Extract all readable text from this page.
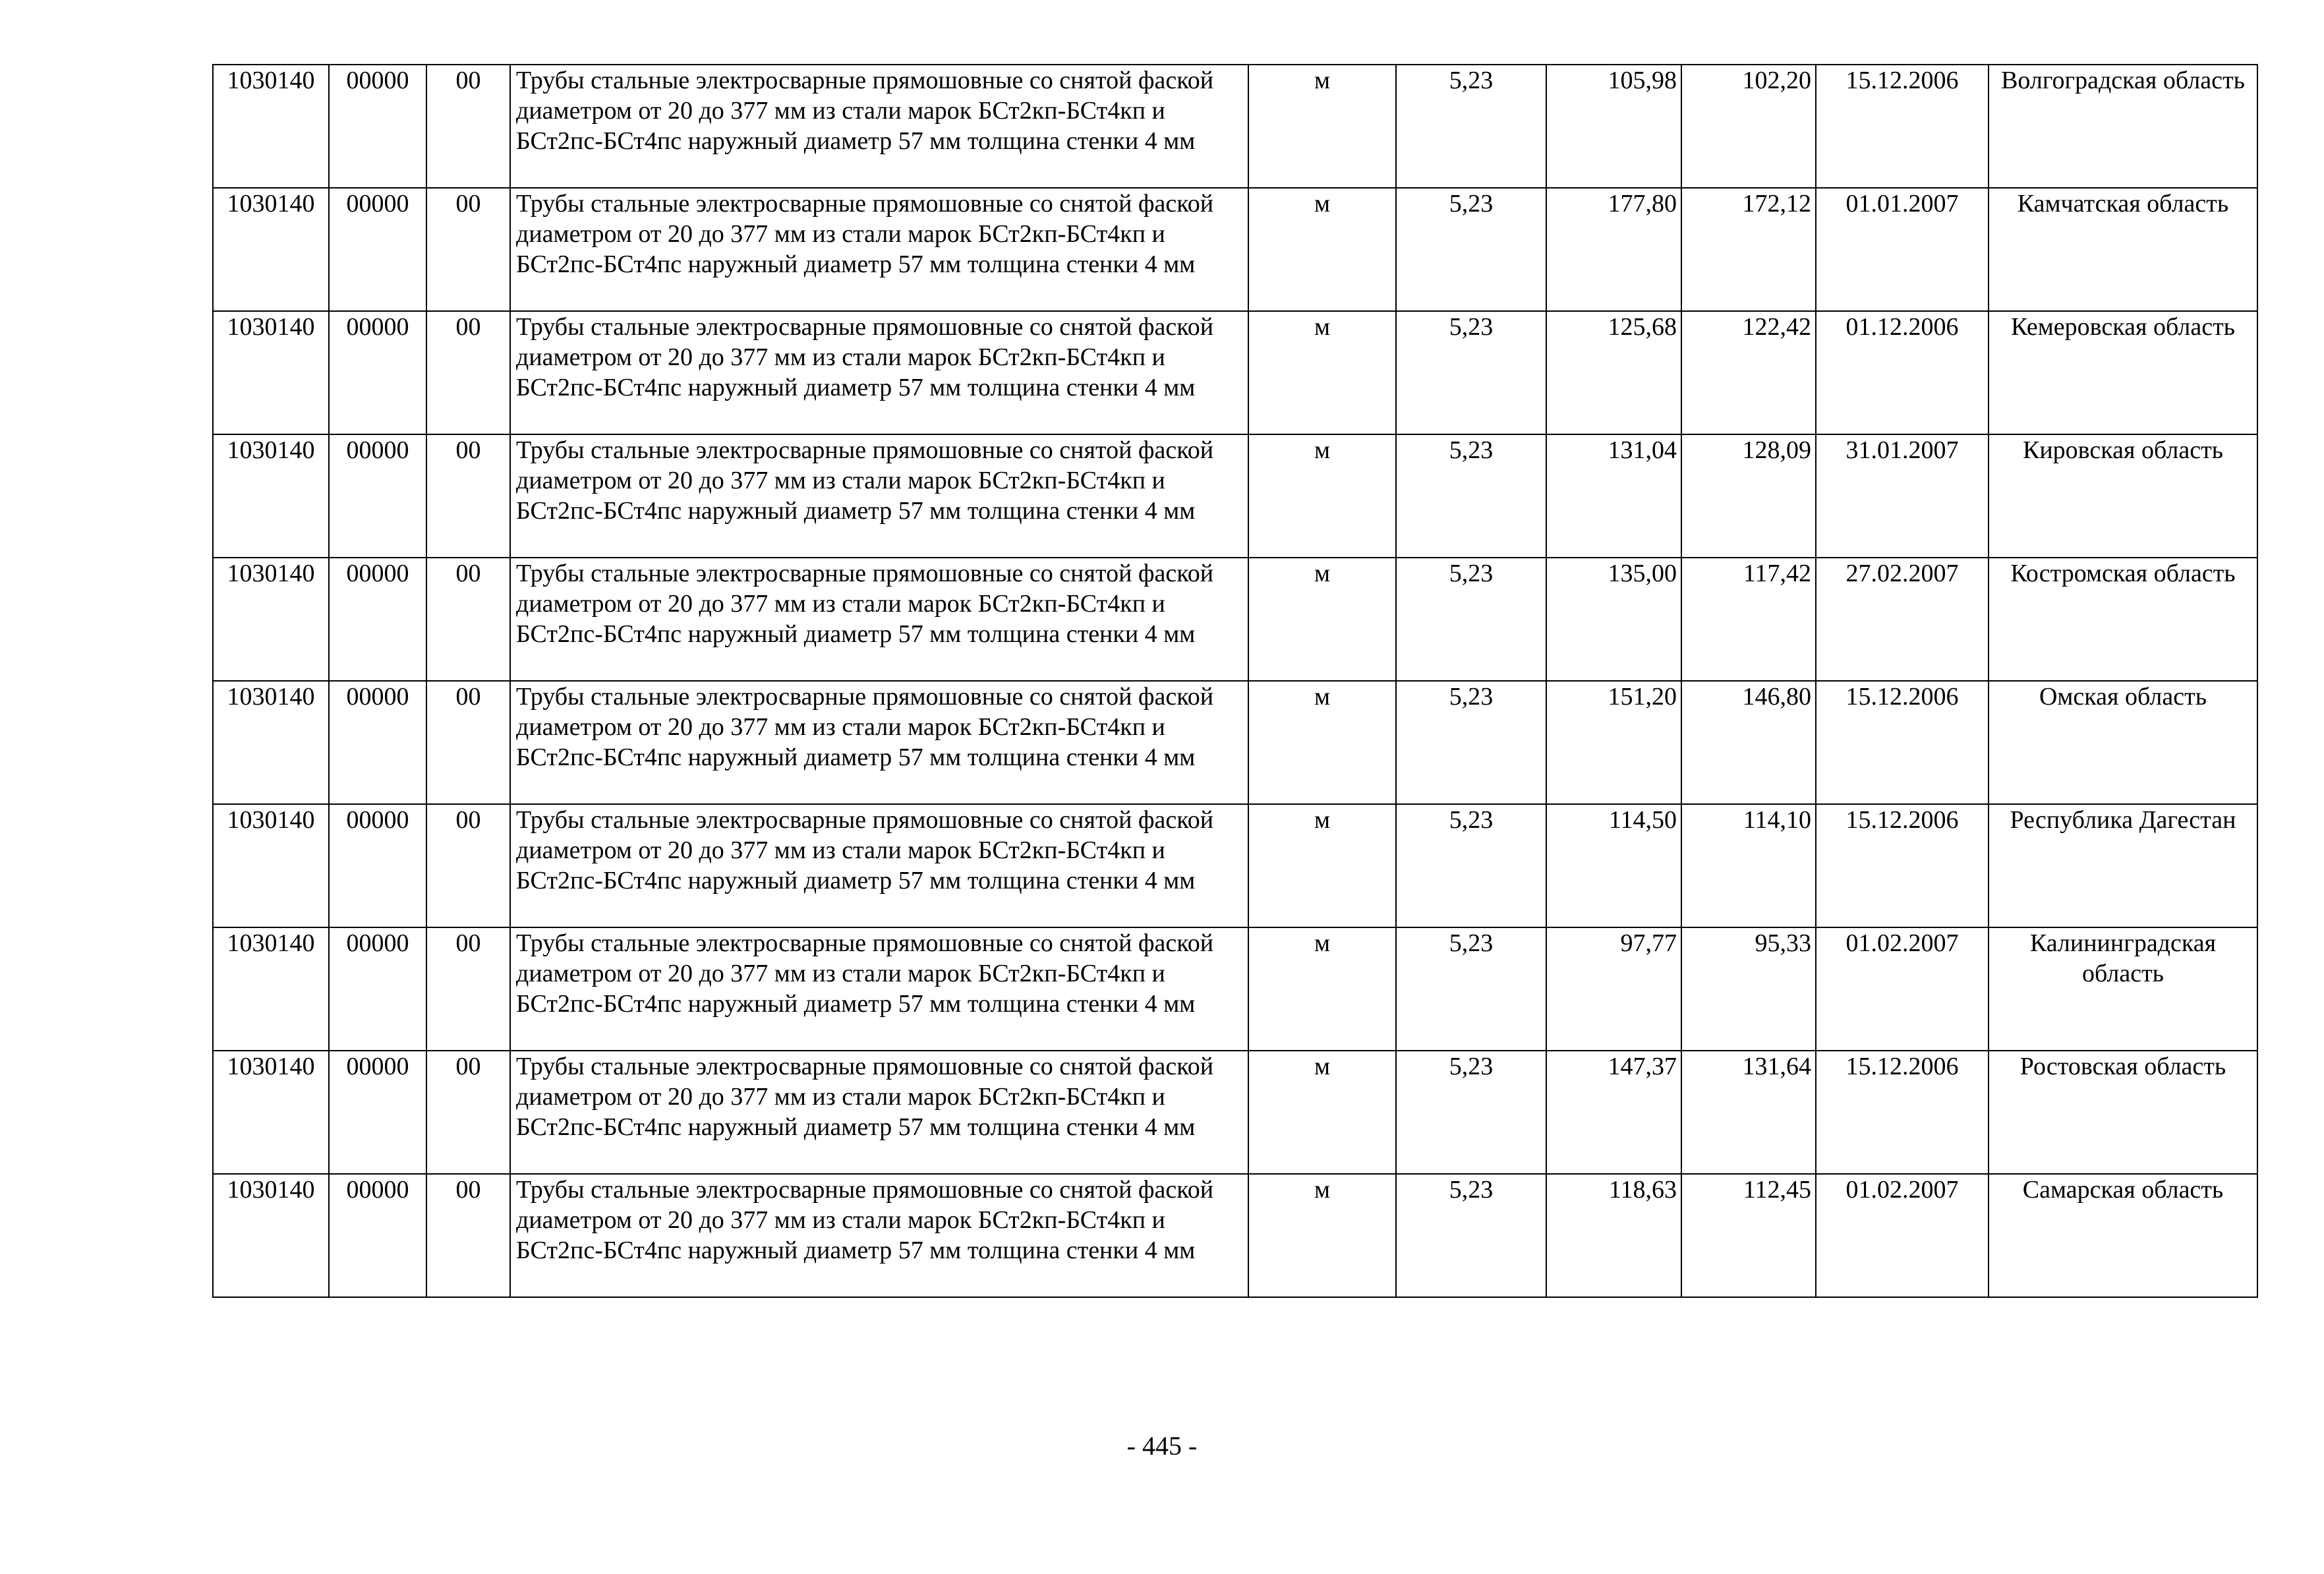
1030140	00000	00	Трубы стальные электросварные прямошовные со снятой фаской диаметром от 20 до 377 мм из стали марок БСт2кп-БСт4кп и БСт2пс-БСт4пс наружный диаметр 57 мм толщина стенки 4 мм	м	5,23	105,98	102,20	15.12.2006	Волгоградская область
1030140	00000	00	Трубы стальные электросварные прямошовные со снятой фаской диаметром от 20 до 377 мм из стали марок БСт2кп-БСт4кп и БСт2пс-БСт4пс наружный диаметр 57 мм толщина стенки 4 мм	м	5,23	177,80	172,12	01.01.2007	Камчатская область
1030140	00000	00	Трубы стальные электросварные прямошовные со снятой фаской диаметром от 20 до 377 мм из стали марок БСт2кп-БСт4кп и БСт2пс-БСт4пс наружный диаметр 57 мм толщина стенки 4 мм	м	5,23	125,68	122,42	01.12.2006	Кемеровская область
1030140	00000	00	Трубы стальные электросварные прямошовные со снятой фаской диаметром от 20 до 377 мм из стали марок БСт2кп-БСт4кп и БСт2пс-БСт4пс наружный диаметр 57 мм толщина стенки 4 мм	м	5,23	131,04	128,09	31.01.2007	Кировская область
1030140	00000	00	Трубы стальные электросварные прямошовные со снятой фаской диаметром от 20 до 377 мм из стали марок БСт2кп-БСт4кп и БСт2пс-БСт4пс наружный диаметр 57 мм толщина стенки 4 мм	м	5,23	135,00	117,42	27.02.2007	Костромская область
1030140	00000	00	Трубы стальные электросварные прямошовные со снятой фаской диаметром от 20 до 377 мм из стали марок БСт2кп-БСт4кп и БСт2пс-БСт4пс наружный диаметр 57 мм толщина стенки 4 мм	м	5,23	151,20	146,80	15.12.2006	Омская область
1030140	00000	00	Трубы стальные электросварные прямошовные со снятой фаской диаметром от 20 до 377 мм из стали марок БСт2кп-БСт4кп и БСт2пс-БСт4пс наружный диаметр 57 мм толщина стенки 4 мм	м	5,23	114,50	114,10	15.12.2006	Республика Дагестан
1030140	00000	00	Трубы стальные электросварные прямошовные со снятой фаской диаметром от 20 до 377 мм из стали марок БСт2кп-БСт4кп и БСт2пс-БСт4пс наружный диаметр 57 мм толщина стенки 4 мм	м	5,23	97,77	95,33	01.02.2007	Калининградская область
1030140	00000	00	Трубы стальные электросварные прямошовные со снятой фаской диаметром от 20 до 377 мм из стали марок БСт2кп-БСт4кп и БСт2пс-БСт4пс наружный диаметр 57 мм толщина стенки 4 мм	м	5,23	147,37	131,64	15.12.2006	Ростовская область
1030140	00000	00	Трубы стальные электросварные прямошовные со снятой фаской диаметром от 20 до 377 мм из стали марок БСт2кп-БСт4кп и БСт2пс-БСт4пс наружный диаметр 57 мм толщина стенки 4 мм	м	5,23	118,63	112,45	01.02.2007	Самарская область
- 445 -
